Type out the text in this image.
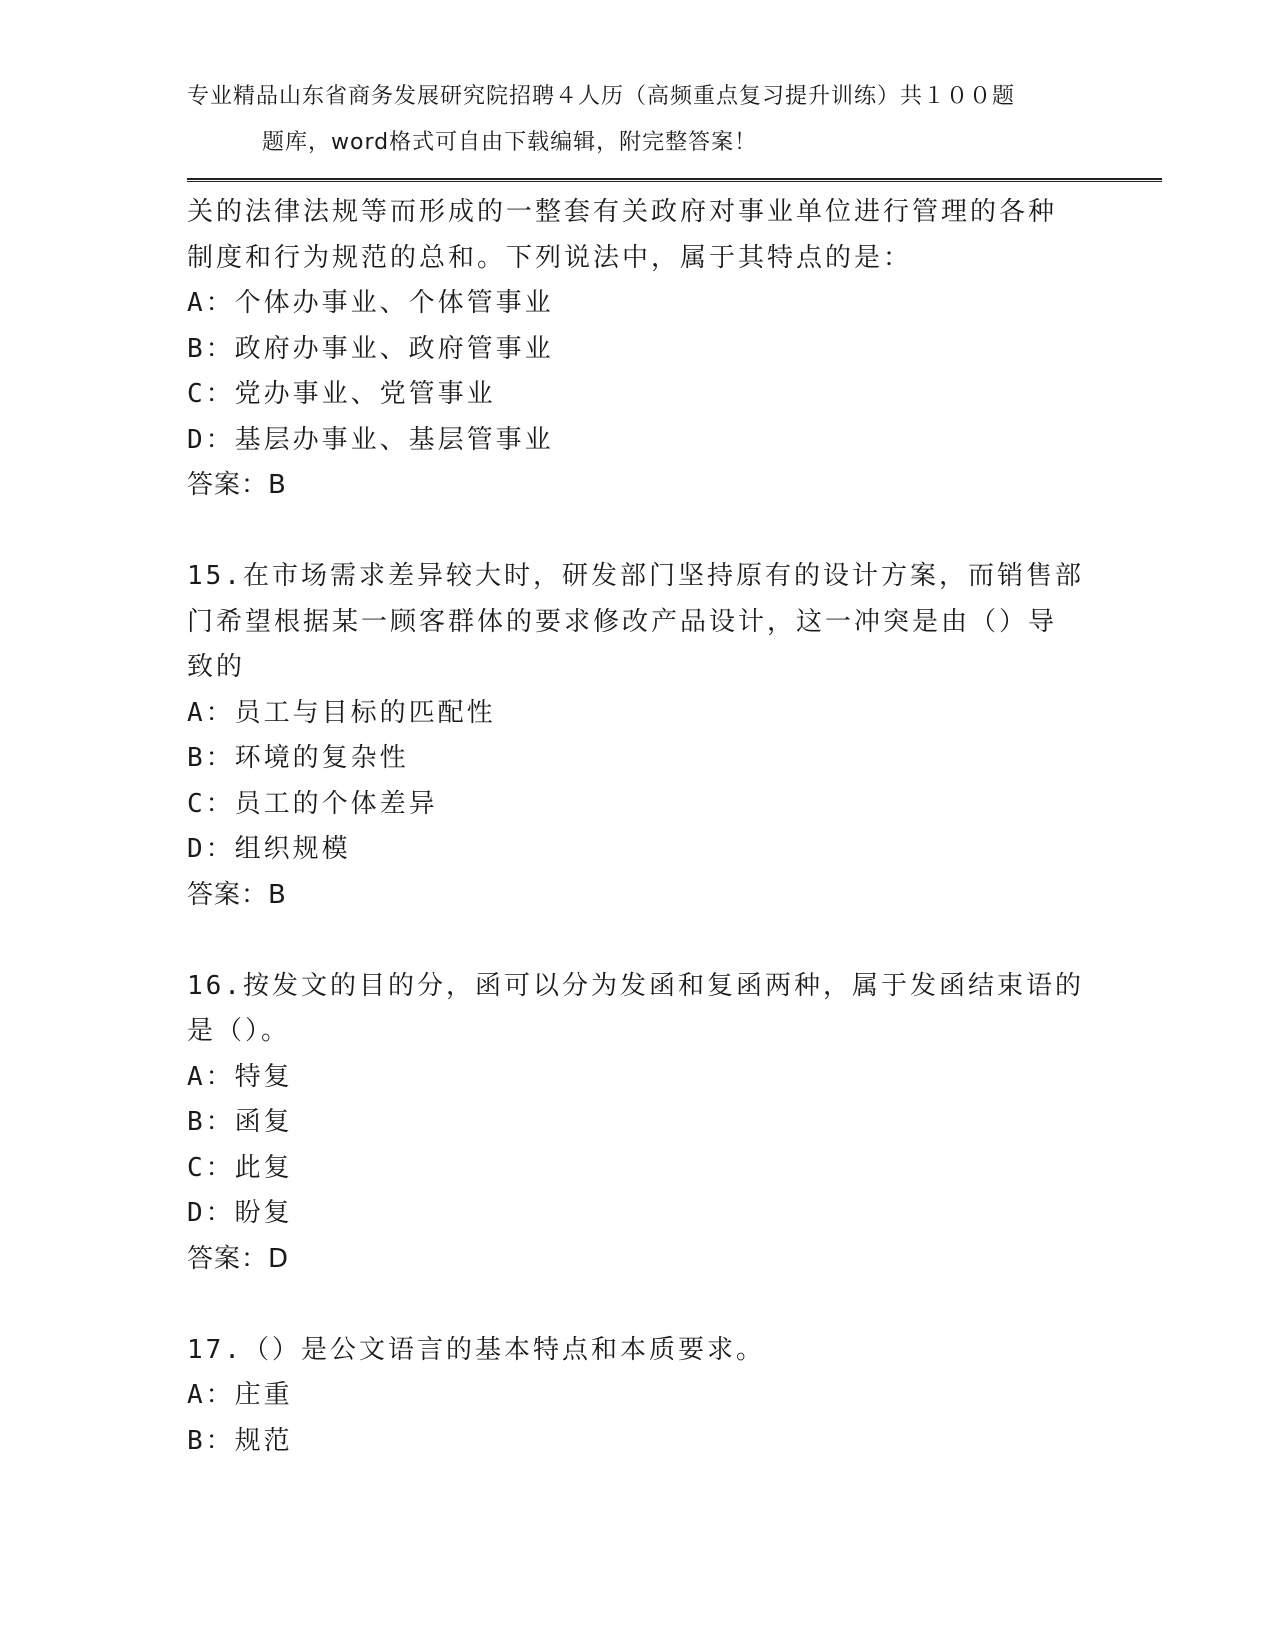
专业精品山东省商务发展研究院招聘４人历（高频重点复习提升训练）共１００题
题库，word格式可自由下载编辑，附完整答案！
关的法律法规等而形成的一整套有关政府对事业单位进行管理的各种
制度和行为规范的总和。下列说法中，属于其特点的是：
A：个体办事业、个体管事业
B：政府办事业、政府管事业
C：党办事业、党管事业
D：基层办事业、基层管事业
答案：B
15.在市场需求差异较大时，研发部门坚持原有的设计方案，而销售部
门希望根据某一顾客群体的要求修改产品设计，这一冲突是由（）导
致的
A：员工与目标的匹配性
B：环境的复杂性
C：员工的个体差异
D：组织规模
答案：B
16.按发文的目的分，函可以分为发函和复函两种，属于发函结束语的
是（）。
A：特复
B：函复
C：此复
D：盼复
答案：D
17.（）是公文语言的基本特点和本质要求。
A：庄重
B：规范
